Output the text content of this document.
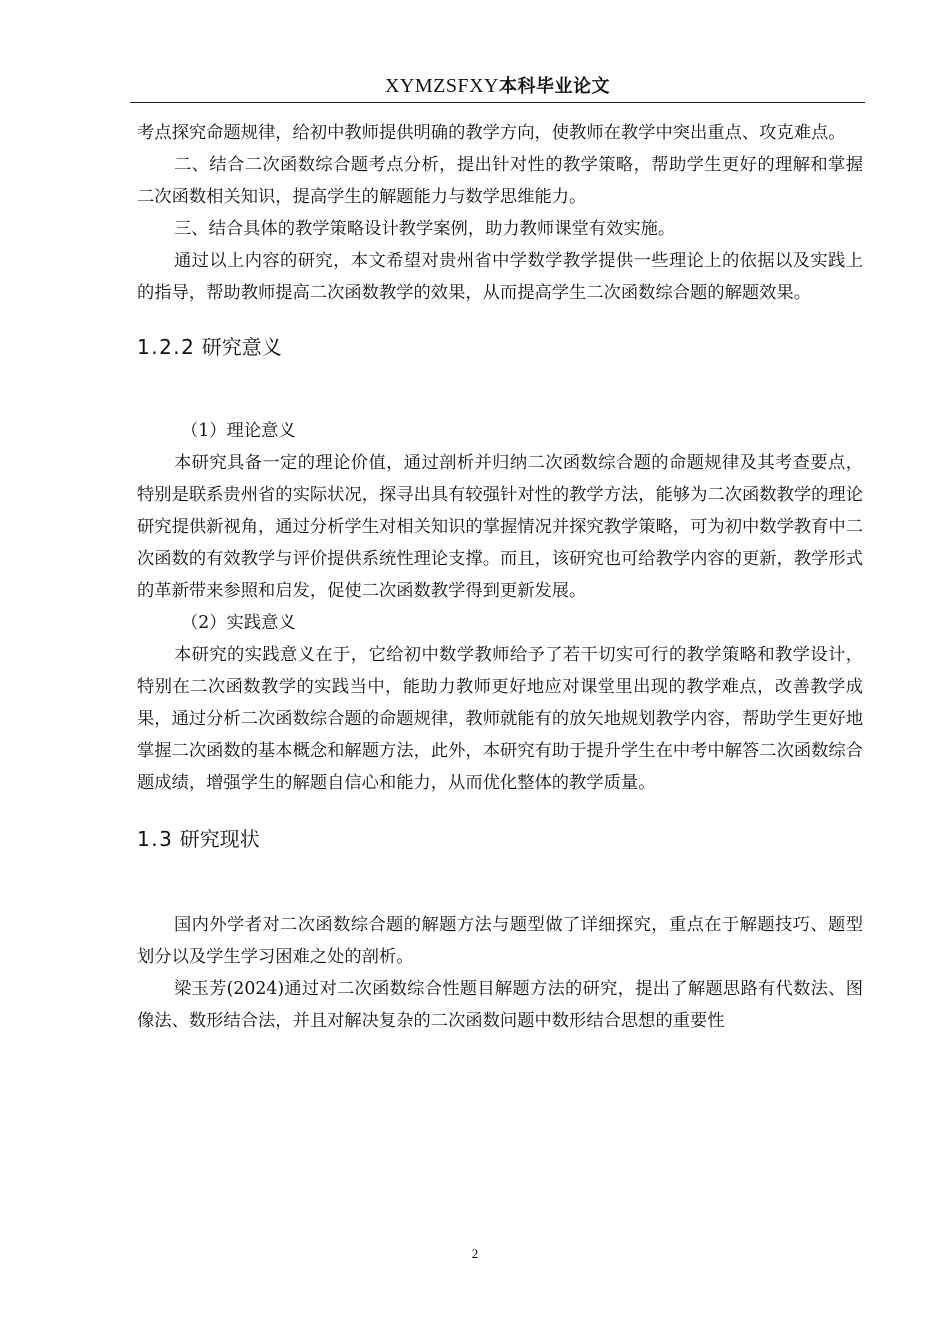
XYMZSFXY本科毕业论文

考点探究命题规律，给初中教师提供明确的教学方向，使教师在教学中突出重点、攻克难点。

二、结合二次函数综合题考点分析，提出针对性的教学策略，帮助学生更好的理解和掌握二次函数相关知识，提高学生的解题能力与数学思维能力。

三、结合具体的教学策略设计教学案例，助力教师课堂有效实施。

通过以上内容的研究，本文希望对贵州省中学数学教学提供一些理论上的依据以及实践上的指导，帮助教师提高二次函数教学的效果，从而提高学生二次函数综合题的解题效果。

1.2.2 研究意义

（1）理论意义

本研究具备一定的理论价值，通过剖析并归纳二次函数综合题的命题规律及其考查要点，特别是联系贵州省的实际状况，探寻出具有较强针对性的教学方法，能够为二次函数教学的理论研究提供新视角，通过分析学生对相关知识的掌握情况并探究教学策略，可为初中数学教育中二次函数的有效教学与评价提供系统性理论支撑。而且，该研究也可给教学内容的更新，教学形式的革新带来参照和启发，促使二次函数教学得到更新发展。

（2）实践意义

本研究的实践意义在于，它给初中数学教师给予了若干切实可行的教学策略和教学设计，特别在二次函数教学的实践当中，能助力教师更好地应对课堂里出现的教学难点，改善教学成果，通过分析二次函数综合题的命题规律，教师就能有的放矢地规划教学内容，帮助学生更好地掌握二次函数的基本概念和解题方法，此外，本研究有助于提升学生在中考中解答二次函数综合题成绩，增强学生的解题自信心和能力，从而优化整体的教学质量。

1.3 研究现状

国内外学者对二次函数综合题的解题方法与题型做了详细探究，重点在于解题技巧、题型划分以及学生学习困难之处的剖析。

梁玉芳(2024)通过对二次函数综合性题目解题方法的研究，提出了解题思路有代数法、图像法、数形结合法，并且对解决复杂的二次函数问题中数形结合思想的重要性

2
